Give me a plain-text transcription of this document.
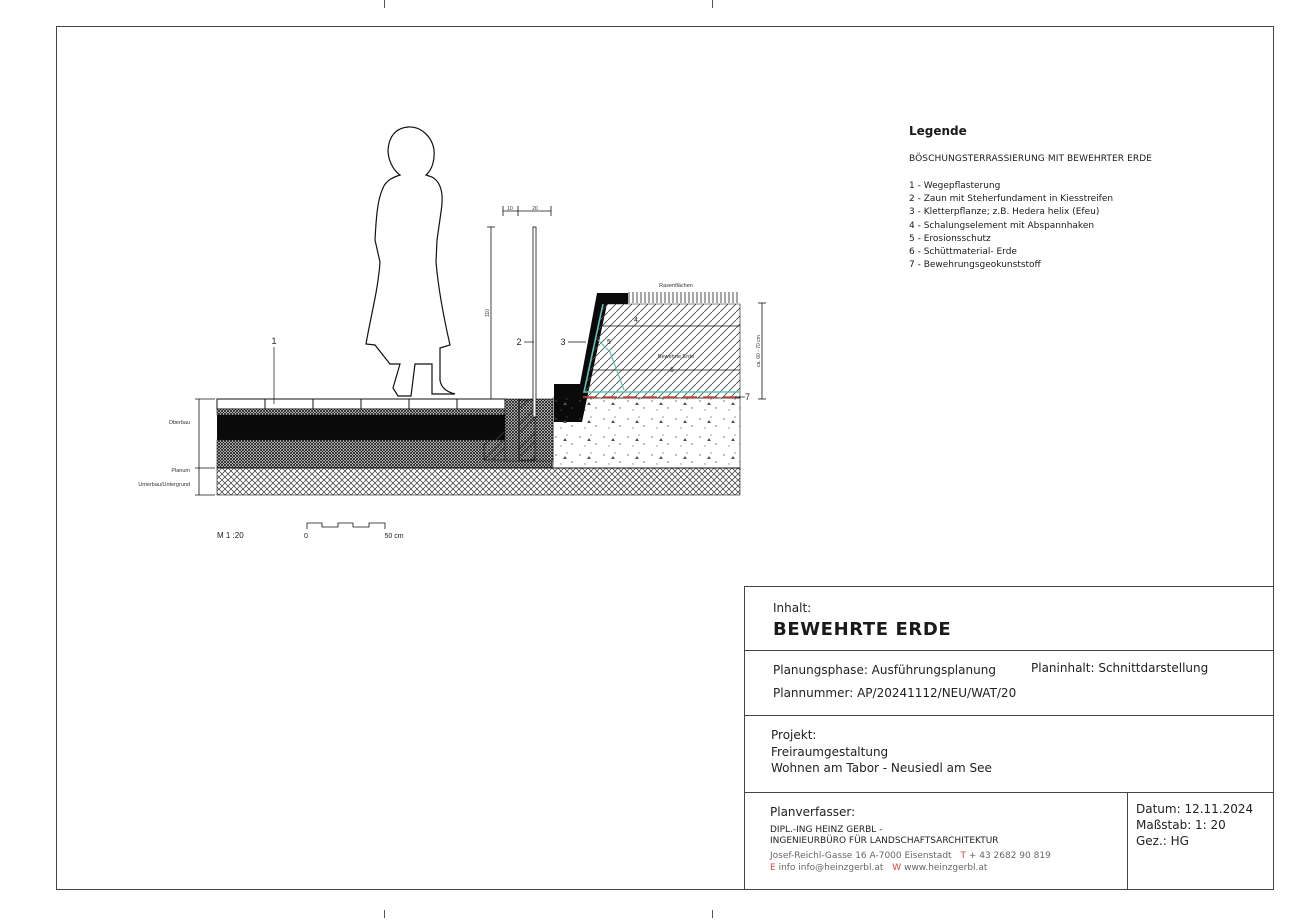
Oberbau
Planum
Unterbau/Untergrund
Rasenflächen
Bewehrte Erde
10	20
110
ca. 60 - 70 cm
1	2	3
4
5
6
7
M 1 :20	0	50 cm
Legende
BÖSCHUNGSTERRASSIERUNG MIT BEWEHRTER ERDE
1 - Wegepflasterung
2 - Zaun mit Steherfundament in Kiesstreifen
3 - Kletterpflanze; z.B. Hedera helix (Efeu)
4 - Schalungselement mit Abspannhaken
5 - Erosionsschutz
6 - Schüttmaterial- Erde
7 - Bewehrungsgeokunststoff
Inhalt:
BEWEHRTE ERDE
Planungsphase: Ausführungsplanung	Planinhalt: Schnittdarstellung
Plannummer: AP/20241112/NEU/WAT/20
Projekt:
Freiraumgestaltung
Wohnen am Tabor - Neusiedl am See
Planverfasser:
DIPL.-ING HEINZ GERBL -
INGENIEURBÜRO FÜR LANDSCHAFTSARCHITEKTUR
Josef-Reichl-Gasse 16 A-7000 Eisenstadt T + 43 2682 90 819
E info info@heinzgerbl.at W www.heinzgerbl.at
Datum: 12.11.2024
Maßstab: 1: 20
Gez.: HG
